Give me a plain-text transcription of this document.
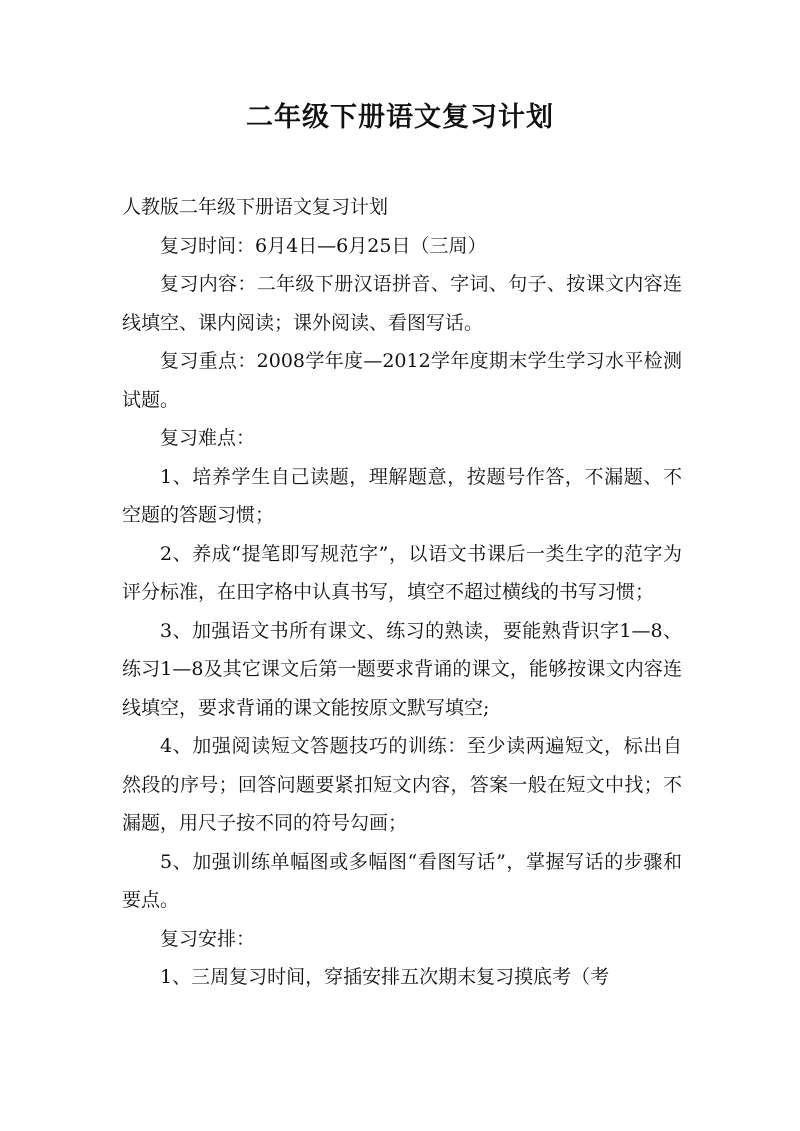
二年级下册语文复习计划

人教版二年级下册语文复习计划

复习时间：6月4日—6月25日（三周）

复习内容：二年级下册汉语拼音、字词、句子、按课文内容连线填空、课内阅读；课外阅读、看图写话。

复习重点：2008学年度—2012学年度期末学生学习水平检测试题。

复习难点：

1、培养学生自己读题，理解题意，按题号作答，不漏题、不空题的答题习惯；

2、养成“提笔即写规范字”，以语文书课后一类生字的范字为评分标准，在田字格中认真书写，填空不超过横线的书写习惯；

3、加强语文书所有课文、练习的熟读，要能熟背识字1—8、练习1—8及其它课文后第一题要求背诵的课文，能够按课文内容连线填空，要求背诵的课文能按原文默写填空;

4、加强阅读短文答题技巧的训练：至少读两遍短文，标出自然段的序号；回答问题要紧扣短文内容，答案一般在短文中找；不漏题，用尺子按不同的符号勾画；

5、加强训练单幅图或多幅图“看图写话”，掌握写话的步骤和要点。

复习安排：

1、三周复习时间，穿插安排五次期末复习摸底考（考
